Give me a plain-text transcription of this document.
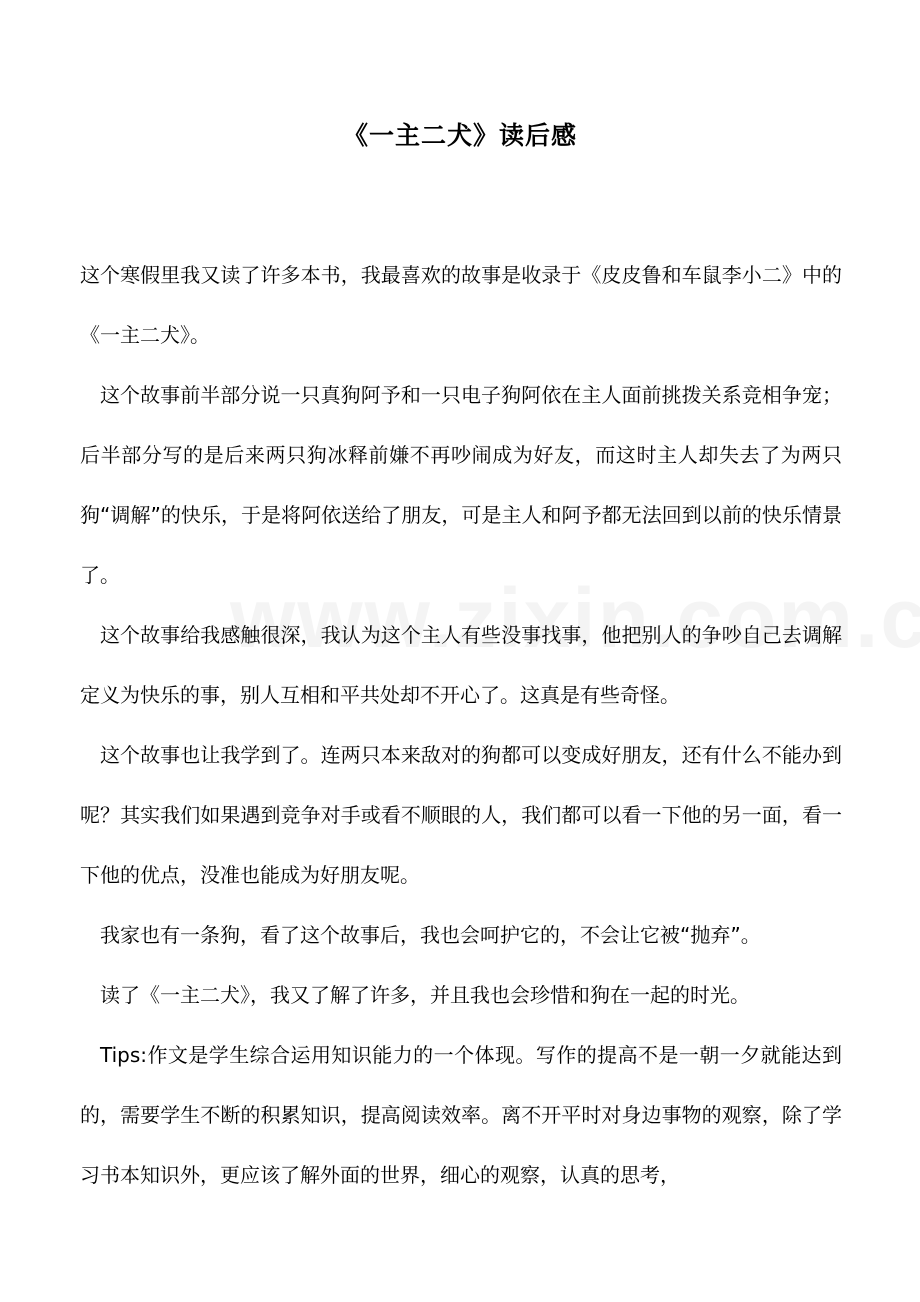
《一主二犬》读后感

这个寒假里我又读了许多本书，我最喜欢的故事是收录于《皮皮鲁和车鼠李小二》中的《一主二犬》。

这个故事前半部分说一只真狗阿予和一只电子狗阿依在主人面前挑拨关系竞相争宠；后半部分写的是后来两只狗冰释前嫌不再吵闹成为好友，而这时主人却失去了为两只狗“调解”的快乐，于是将阿依送给了朋友，可是主人和阿予都无法回到以前的快乐情景了。

这个故事给我感触很深，我认为这个主人有些没事找事，他把别人的争吵自己去调解定义为快乐的事，别人互相和平共处却不开心了。这真是有些奇怪。

这个故事也让我学到了。连两只本来敌对的狗都可以变成好朋友，还有什么不能办到呢？其实我们如果遇到竞争对手或看不顺眼的人，我们都可以看一下他的另一面，看一下他的优点，没准也能成为好朋友呢。

我家也有一条狗，看了这个故事后，我也会呵护它的，不会让它被“抛弃”。

读了《一主二犬》，我又了解了许多，并且我也会珍惜和狗在一起的时光。

Tips:作文是学生综合运用知识能力的一个体现。写作的提高不是一朝一夕就能达到的，需要学生不断的积累知识，提高阅读效率。离不开平时对身边事物的观察，除了学习书本知识外，更应该了解外面的世界，细心的观察，认真的思考，
